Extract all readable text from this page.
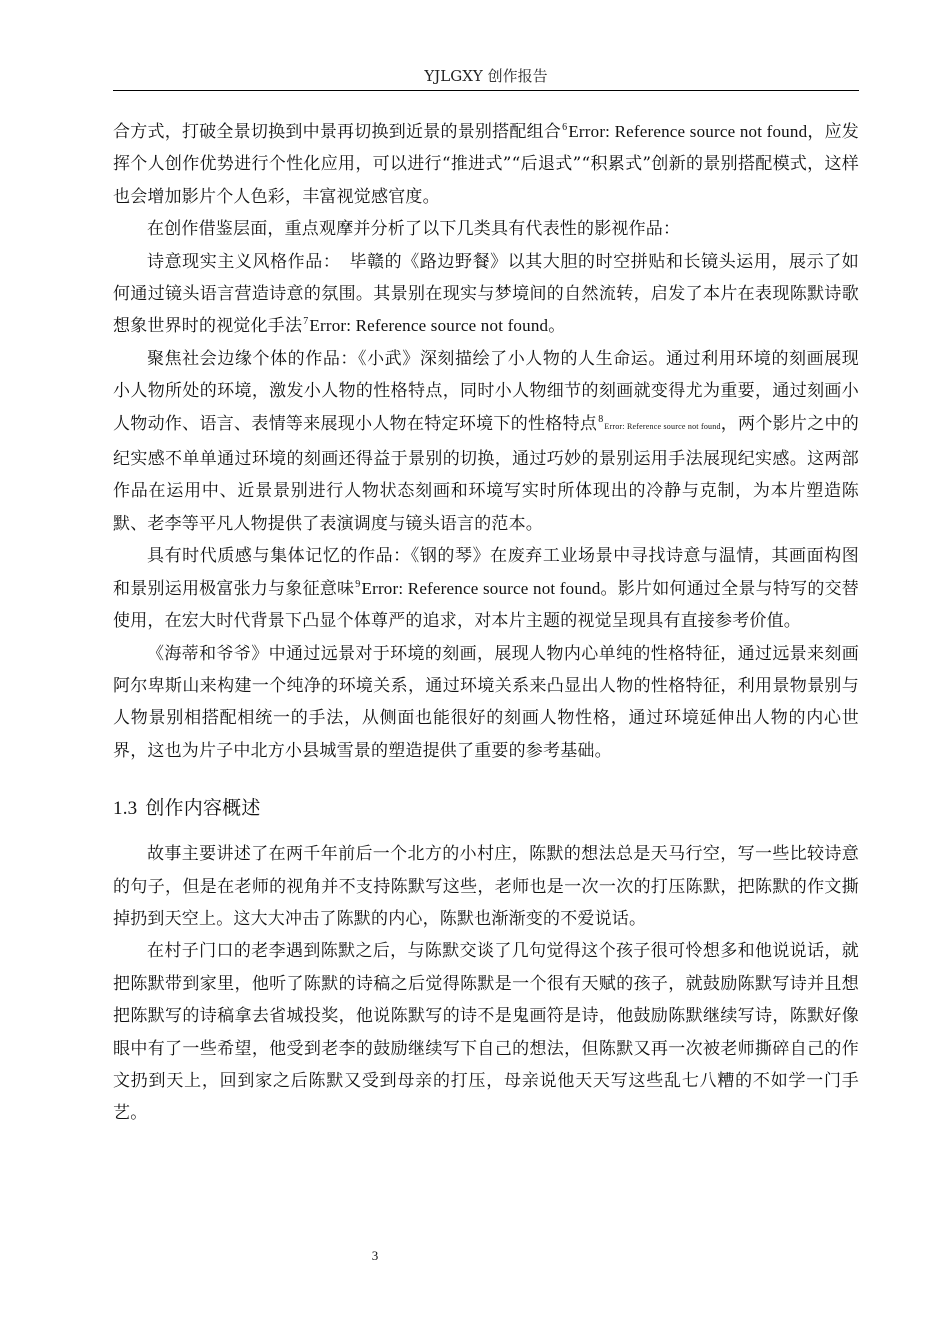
YJLGXY 创作报告

合方式，打破全景切换到中景再切换到近景的景别搭配组合$^6$Error: Reference source not found，应发挥个人创作优势进行个性化应用，可以进行“推进式”“后退式”“积累式”创新的景别搭配模式，这样也会增加影片个人色彩，丰富视觉感官度。

在创作借鉴层面，重点观摩并分析了以下几类具有代表性的影视作品：

诗意现实主义风格作品：　毕赣的《路边野餐》以其大胆的时空拼贴和长镜头运用，展示了如何通过镜头语言营造诗意的氛围。其景别在现实与梦境间的自然流转，启发了本片在表现陈默诗歌想象世界时的视觉化手法$^7$Error: Reference source not found。

聚焦社会边缘个体的作品：《小武》深刻描绘了小人物的人生命运。通过利用环境的刻画展现小人物所处的环境，激发小人物的性格特点，同时小人物细节的刻画就变得尤为重要，通过刻画小人物动作、语言、表情等来展现小人物在特定环境下的性格特点$^8$Error: Reference source not found，两个影片之中的纪实感不单单通过环境的刻画还得益于景别的切换，通过巧妙的景别运用手法展现纪实感。这两部作品在运用中、近景景别进行人物状态刻画和环境写实时所体现出的冷静与克制，为本片塑造陈默、老李等平凡人物提供了表演调度与镜头语言的范本。

具有时代质感与集体记忆的作品：《钢的琴》在废弃工业场景中寻找诗意与温情，其画面构图和景别运用极富张力与象征意味$^9$Error: Reference source not found。影片如何通过全景与特写的交替使用，在宏大时代背景下凸显个体尊严的追求，对本片主题的视觉呈现具有直接参考价值。

《海蒂和爷爷》中通过远景对于环境的刻画，展现人物内心单纯的性格特征，通过远景来刻画阿尔卑斯山来构建一个纯净的环境关系，通过环境关系来凸显出人物的性格特征，利用景物景别与人物景别相搭配相统一的手法，从侧面也能很好的刻画人物性格，通过环境延伸出人物的内心世界，这也为片子中北方小县城雪景的塑造提供了重要的参考基础。

1.3 创作内容概述

故事主要讲述了在两千年前后一个北方的小村庄，陈默的想法总是天马行空，写一些比较诗意的句子，但是在老师的视角并不支持陈默写这些，老师也是一次一次的打压陈默，把陈默的作文撕掉扔到天空上。这大大冲击了陈默的内心，陈默也渐渐变的不爱说话。

在村子门口的老李遇到陈默之后，与陈默交谈了几句觉得这个孩子很可怜想多和他说说话，就把陈默带到家里，他听了陈默的诗稿之后觉得陈默是一个很有天赋的孩子，就鼓励陈默写诗并且想把陈默写的诗稿拿去省城投奖，他说陈默写的诗不是鬼画符是诗，他鼓励陈默继续写诗，陈默好像眼中有了一些希望，他受到老李的鼓励继续写下自己的想法，但陈默又再一次被老师撕碎自己的作文扔到天上，回到家之后陈默又受到母亲的打压，母亲说他天天写这些乱七八糟的不如学一门手艺。

3
